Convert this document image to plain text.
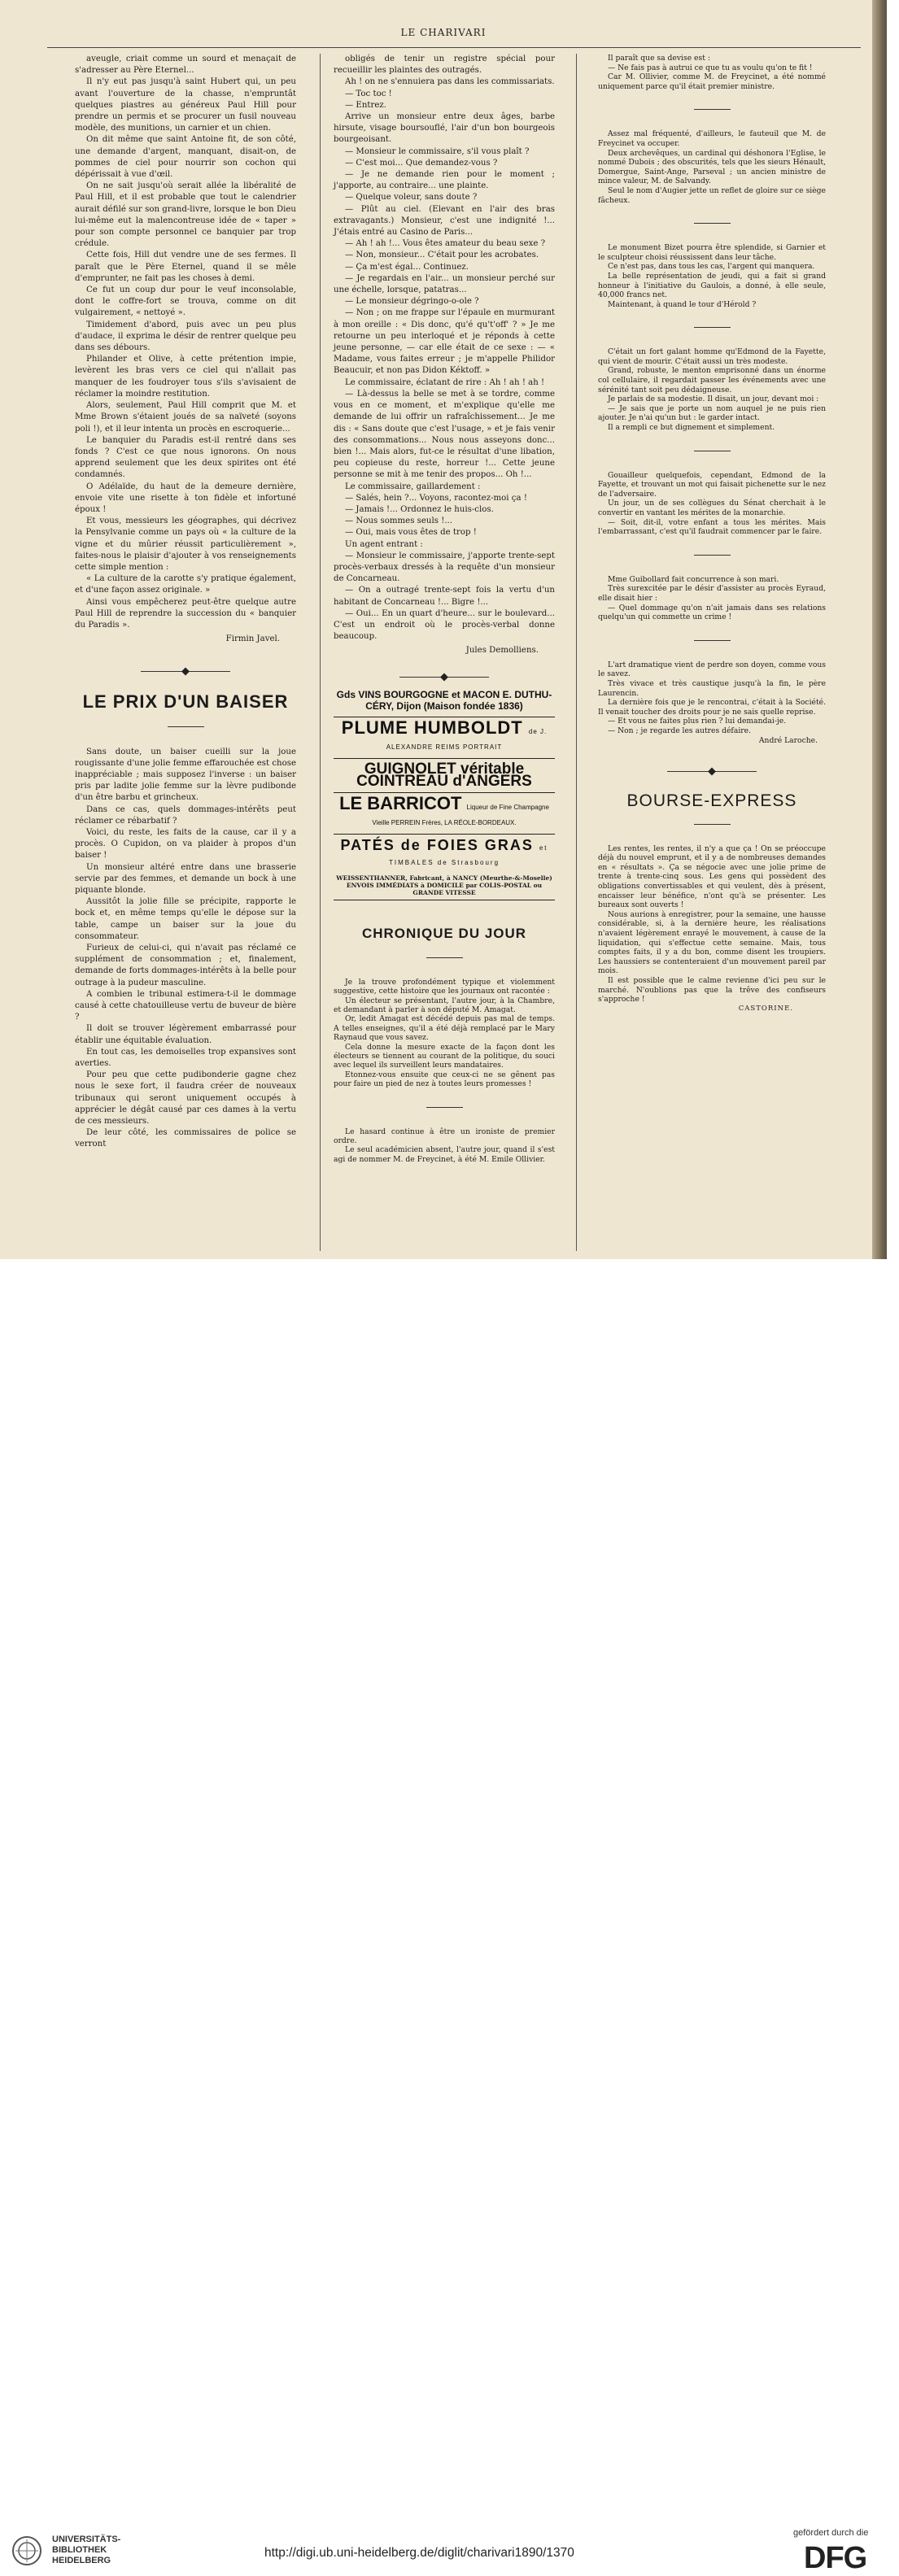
LE CHARIVARI

aveugle, criait comme un sourd et menaçait de s'adresser au Père Eternel...

Il n'y eut pas jusqu'à saint Hubert qui, un peu avant l'ouverture de la chasse, n'empruntât quelques piastres au généreux Paul Hill pour prendre un permis et se procurer un fusil nouveau modèle, des munitions, un carnier et un chien.

On dit même que saint Antoine fit, de son côté, une demande d'argent, manquant, disait-on, de pommes de ciel pour nourrir son cochon qui dépérissait à vue d'œil.

On ne sait jusqu'où serait allée la libéralité de Paul Hill, et il est probable que tout le calendrier aurait défilé sur son grand-livre, lorsque le bon Dieu lui-même eut la malencontreuse idée de « taper » pour son compte personnel ce banquier par trop crédule.

Cette fois, Hill dut vendre une de ses fermes. Il paraît que le Père Eternel, quand il se mêle d'emprunter, ne fait pas les choses à demi.

Ce fut un coup dur pour le veuf inconsolable, dont le coffre-fort se trouva, comme on dit vulgairement, « nettoyé ».

Timidement d'abord, puis avec un peu plus d'audace, il exprima le désir de rentrer quelque peu dans ses débours.

Philander et Olive, à cette prétention impie, levèrent les bras vers ce ciel qui n'allait pas manquer de les foudroyer tous s'ils s'avisaient de réclamer la moindre restitution.

Alors, seulement, Paul Hill comprit que M. et Mme Brown s'étaient joués de sa naïveté (soyons poli !), et il leur intenta un procès en escroquerie...

Le banquier du Paradis est-il rentré dans ses fonds ? C'est ce que nous ignorons. On nous apprend seulement que les deux spirites ont été condamnés.

O Adélaïde, du haut de la demeure dernière, envoie vite une risette à ton fidèle et infortuné époux !

Et vous, messieurs les géographes, qui décrivez la Pensylvanie comme un pays où « la culture de la vigne et du mûrier réussit particulièrement », faites-nous le plaisir d'ajouter à vos renseignements cette simple mention :

« La culture de la carotte s'y pratique également, et d'une façon assez originale. »

Ainsi vous empêcherez peut-être quelque autre Paul Hill de reprendre la succession du « banquier du Paradis ».

Firmin Javel.

LE PRIX D'UN BAISER

Sans doute, un baiser cueilli sur la joue rougissante d'une jolie femme effarouchée est chose inappréciable ; mais supposez l'inverse : un baiser pris par ladite jolie femme sur la lèvre pudibonde d'un être barbu et grincheux.

Dans ce cas, quels dommages-intérêts peut réclamer ce rébarbatif ?

Voici, du reste, les faits de la cause, car il y a procès. O Cupidon, on va plaider à propos d'un baiser !

Un monsieur altéré entre dans une brasserie servie par des femmes, et demande un bock à une piquante blonde.

Aussitôt la jolie fille se précipite, rapporte le bock et, en même temps qu'elle le dépose sur la table, campe un baiser sur la joue du consommateur.

Furieux de celui-ci, qui n'avait pas réclamé ce supplément de consommation ; et, finalement, demande de forts dommages-intérêts à la belle pour outrage à la pudeur masculine.

A combien le tribunal estimera-t-il le dommage causé à cette chatouilleuse vertu de buveur de bière ?

Il doit se trouver légèrement embarrassé pour établir une équitable évaluation.

En tout cas, les demoiselles trop expansives sont averties.

Pour peu que cette pudibonderie gagne chez nous le sexe fort, il faudra créer de nouveaux tribunaux qui seront uniquement occupés à apprécier le dégât causé par ces dames à la vertu de ces messieurs.

De leur côté, les commissaires de police se verront

obligés de tenir un registre spécial pour recueillir les plaintes des outragés.

Ah ! on ne s'ennuiera pas dans les commissariats.

— Toc toc !

— Entrez.

Arrive un monsieur entre deux âges, barbe hirsute, visage boursouflé, l'air d'un bon bourgeois bourgeoisant.

— Monsieur le commissaire, s'il vous plaît ?

— C'est moi... Que demandez-vous ?

— Je ne demande rien pour le moment ; j'apporte, au contraire... une plainte.

— Quelque voleur, sans doute ?

— Plût au ciel. (Elevant en l'air des bras extravagants.) Monsieur, c'est une indignité !... J'étais entré au Casino de Paris...

— Ah ! ah !... Vous êtes amateur du beau sexe ?

— Non, monsieur... C'était pour les acrobates.

— Ça m'est égal... Continuez.

— Je regardais en l'air... un monsieur perché sur une échelle, lorsque, patatras...

— Le monsieur dégringo-o-ole ?

— Non ; on me frappe sur l'épaule en murmurant à mon oreille : « Dis donc, qu'é qu't'off' ? » Je me retourne un peu interloqué et je réponds à cette jeune personne, — car elle était de ce sexe : — « Madame, vous faites erreur ; je m'appelle Philidor Beaucuir, et non pas Didon Kéktoff. »

Le commissaire, éclatant de rire : Ah ! ah ! ah !

— Là-dessus la belle se met à se tordre, comme vous en ce moment, et m'explique qu'elle me demande de lui offrir un rafraîchissement... Je me dis : « Sans doute que c'est l'usage, » et je fais venir des consommations... Nous nous asseyons donc... bien !... Mais alors, fut-ce le résultat d'une libation, peu copieuse du reste, horreur !... Cette jeune personne se mit à me tenir des propos... Oh !...

Le commissaire, gaillardement :

— Salés, hein ?... Voyons, racontez-moi ça !

— Jamais !... Ordonnez le huis-clos.

— Nous sommes seuls !...

— Oui, mais vous êtes de trop !

Un agent entrant :

— Monsieur le commissaire, j'apporte trente-sept procès-verbaux dressés à la requête d'un monsieur de Concarneau.

— On a outragé trente-sept fois la vertu d'un habitant de Concarneau !... Bigre !...

— Oui... En un quart d'heure... sur le boulevard... C'est un endroit où le procès-verbal donne beaucoup.

Jules Demolliens.

Gds VINS BOURGOGNE et MACON E. DUTHU-CÉRY, Dijon (Maison fondée 1836)

PLUME HUMBOLDT de J. ALEXANDRE REIMS PORTRAIT

GUIGNOLET véritable COINTREAU d'ANGERS

LE BARRICOT Liqueur de Fine Champagne Vieille PERREIN Frères, LA RÉOLE-BORDEAUX.

PATÉS de FOIES GRAS et TIMBALES de Strasbourg

WEISSENTHANNER, Fabricant, à NANCY (Meurthe-&-Moselle)

ENVOIS IMMÉDIATS à DOMICILE par COLIS-POSTAL ou GRANDE VITESSE

CHRONIQUE DU JOUR

Je la trouve profondément typique et violemment suggestive, cette histoire que les journaux ont racontée :

Un électeur se présentant, l'autre jour, à la Chambre, et demandant à parler à son député M. Amagat.

Or, ledit Amagat est décédé depuis pas mal de temps. A telles enseignes, qu'il a été déjà remplacé par le Mary Raynaud que vous savez.

Cela donne la mesure exacte de la façon dont les électeurs se tiennent au courant de la politique, du souci avec lequel ils surveillent leurs mandataires.

Etonnez-vous ensuite que ceux-ci ne se gênent pas pour faire un pied de nez à toutes leurs promesses !

Le hasard continue à être un ironiste de premier ordre.

Le seul académicien absent, l'autre jour, quand il s'est agi de nommer M. de Freycinet, à été M. Emile Ollivier.

Il paraît que sa devise est :

— Ne fais pas à autrui ce que tu as voulu qu'on te fit !

Car M. Ollivier, comme M. de Freycinet, a été nommé uniquement parce qu'il était premier ministre.

Assez mal fréquenté, d'ailleurs, le fauteuil que M. de Freycinet va occuper.

Deux archevêques, un cardinal qui déshonora l'Eglise, le nommé Dubois ; des obscurités, tels que les sieurs Hénault, Domergue, Saint-Ange, Parseval ; un ancien ministre de mince valeur, M. de Salvandy.

Seul le nom d'Augier jette un reflet de gloire sur ce siège fâcheux.

Le monument Bizet pourra être splendide, si Garnier et le sculpteur choisi réussissent dans leur tâche.

Ce n'est pas, dans tous les cas, l'argent qui manquera.

La belle représentation de jeudi, qui a fait si grand honneur à l'initiative du Gaulois, a donné, à elle seule, 40,000 francs net.

Maintenant, à quand le tour d'Hérold ?

C'était un fort galant homme qu'Edmond de la Fayette, qui vient de mourir. C'était aussi un très modeste.

Grand, robuste, le menton emprisonné dans un énorme col cellulaire, il regardait passer les événements avec une sérénité tant soit peu dédaigneuse.

Je parlais de sa modestie. Il disait, un jour, devant moi :

— Je sais que je porte un nom auquel je ne puis rien ajouter. Je n'ai qu'un but : le garder intact.

Il a rempli ce but dignement et simplement.

Gouailleur quelquefois, cependant, Edmond de la Fayette, et trouvant un mot qui faisait pichenette sur le nez de l'adversaire.

Un jour, un de ses collègues du Sénat cherchait à le convertir en vantant les mérites de la monarchie.

— Soit, dit-il, votre enfant a tous les mérites. Mais l'embarrassant, c'est qu'il faudrait commencer par le faire.

Mme Guibollard fait concurrence à son mari.

Très surexcitée par le désir d'assister au procès Eyraud, elle disait hier :

— Quel dommage qu'on n'ait jamais dans ses relations quelqu'un qui commette un crime !

L'art dramatique vient de perdre son doyen, comme vous le savez.

Très vivace et très caustique jusqu'à la fin, le père Laurencin.

La dernière fois que je le rencontrai, c'était à la Société. Il venait toucher des droits pour je ne sais quelle reprise.

— Et vous ne faites plus rien ? lui demandai-je.

— Non ; je regarde les autres défaire.

André Laroche.

BOURSE-EXPRESS

Les rentes, les rentes, il n'y a que ça ! On se préoccupe déjà du nouvel emprunt, et il y a de nombreuses demandes en « résultats ». Ça se négocie avec une jolie prime de trente à trente-cinq sous. Les gens qui possèdent des obligations convertissables et qui veulent, dès à présent, encaisser leur bénéfice, n'ont qu'à se présenter. Les bureaux sont ouverts !

Nous aurions à enregistrer, pour la semaine, une hausse considérable, si, à la dernière heure, les réalisations n'avaient légèrement enrayé le mouvement, à cause de la liquidation, qui s'effectue cette semaine. Mais, tous comptes faits, il y a du bon, comme disent les troupiers. Les haussiers se contenteraient d'un mouvement pareil par mois.

Il est possible que le calme revienne d'ici peu sur le marché. N'oublions pas que la trêve des confiseurs s'approche !

CASTORINE.

UNIVERSITÄTS-
BIBLIOTHEK
HEIDELBERG
http://digi.ub.uni-heidelberg.de/diglit/charivari1890/1370
gefördert durch die
DFG
